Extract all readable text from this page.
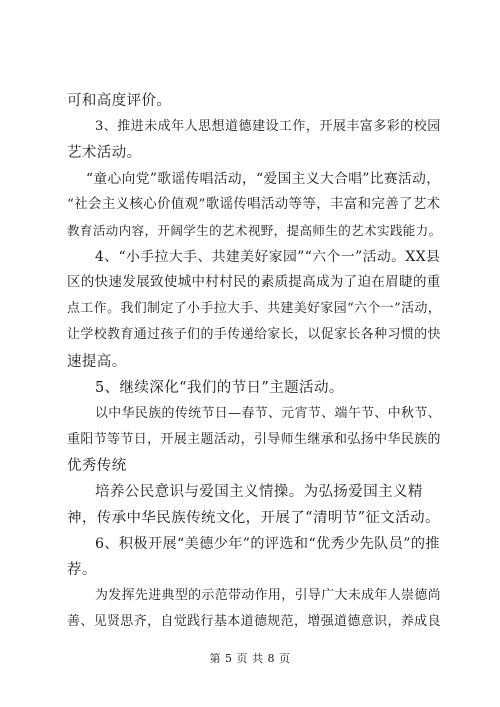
可和高度评价。
3、推进未成年人思想道德建设工作，开展丰富多彩的校园
艺术活动。
“童心向党”歌谣传唱活动，“爱国主义大合唱”比赛活动，
“社会主义核心价值观”歌谣传唱活动等等，丰富和完善了艺术
教育活动内容，开阔学生的艺术视野，提高师生的艺术实践能力。
4、“小手拉大手、共建美好家园”“六个一”活动。XX县
区的快速发展致使城中村村民的素质提高成为了迫在眉睫的重
点工作。我们制定了小手拉大手、共建美好家园“六个一”活动，
让学校教育通过孩子们的手传递给家长，以促家长各种习惯的快
速提高。
5、继续深化“我们的节日”主题活动。
以中华民族的传统节日—春节、元宵节、端午节、中秋节、
重阳节等节日，开展主题活动，引导师生继承和弘扬中华民族的
优秀传统
培养公民意识与爱国主义情操。为弘扬爱国主义精
神，传承中华民族传统文化，开展了“清明节”征文活动。
6、积极开展“美德少年”的评选和“优秀少先队员”的推
荐。
为发挥先进典型的示范带动作用，引导广大未成年人崇德尚
善、见贤思齐，自觉践行基本道德规范，增强道德意识，养成良
第 5 页 共 8 页
